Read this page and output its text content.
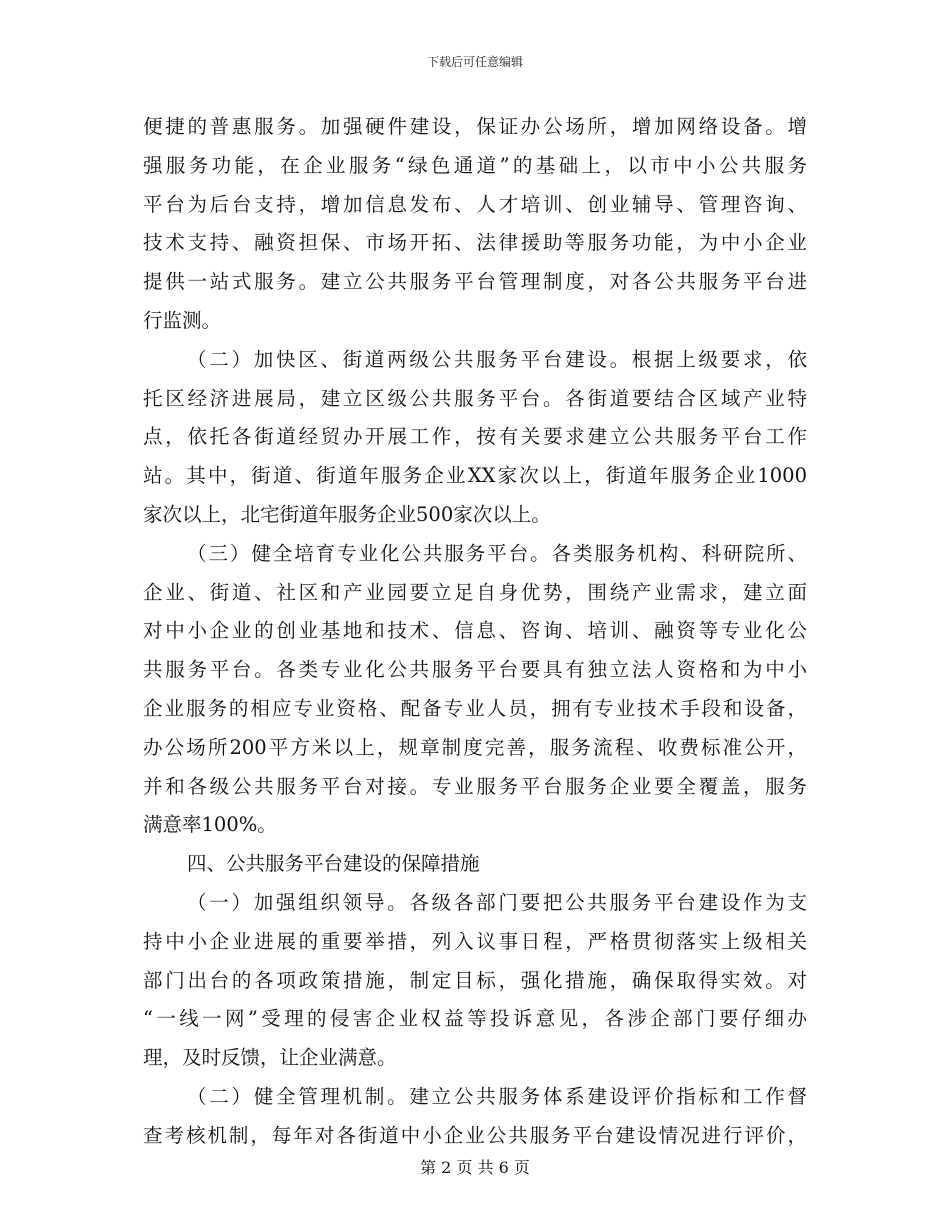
下载后可任意编辑
便捷的普惠服务。加强硬件建设，保证办公场所，增加网络设备。增
强服务功能，在企业服务“绿色通道”的基础上，以市中小公共服务
平台为后台支持，增加信息发布、人才培训、创业辅导、管理咨询、
技术支持、融资担保、市场开拓、法律援助等服务功能，为中小企业
提供一站式服务。建立公共服务平台管理制度，对各公共服务平台进
行监测。
（二）加快区、街道两级公共服务平台建设。根据上级要求，依
托区经济进展局，建立区级公共服务平台。各街道要结合区域产业特
点，依托各街道经贸办开展工作，按有关要求建立公共服务平台工作
站。其中，街道、街道年服务企业XX家次以上，街道年服务企业1000
家次以上，北宅街道年服务企业500家次以上。
（三）健全培育专业化公共服务平台。各类服务机构、科研院所、
企业、街道、社区和产业园要立足自身优势，围绕产业需求，建立面
对中小企业的创业基地和技术、信息、咨询、培训、融资等专业化公
共服务平台。各类专业化公共服务平台要具有独立法人资格和为中小
企业服务的相应专业资格、配备专业人员，拥有专业技术手段和设备，
办公场所200平方米以上，规章制度完善，服务流程、收费标准公开，
并和各级公共服务平台对接。专业服务平台服务企业要全覆盖，服务
满意率100%。
四、公共服务平台建设的保障措施
（一）加强组织领导。各级各部门要把公共服务平台建设作为支
持中小企业进展的重要举措，列入议事日程，严格贯彻落实上级相关
部门出台的各项政策措施，制定目标，强化措施，确保取得实效。对
“一线一网”受理的侵害企业权益等投诉意见，各涉企部门要仔细办
理，及时反馈，让企业满意。
（二）健全管理机制。建立公共服务体系建设评价指标和工作督
查考核机制，每年对各街道中小企业公共服务平台建设情况进行评价，
第 2 页 共 6 页
